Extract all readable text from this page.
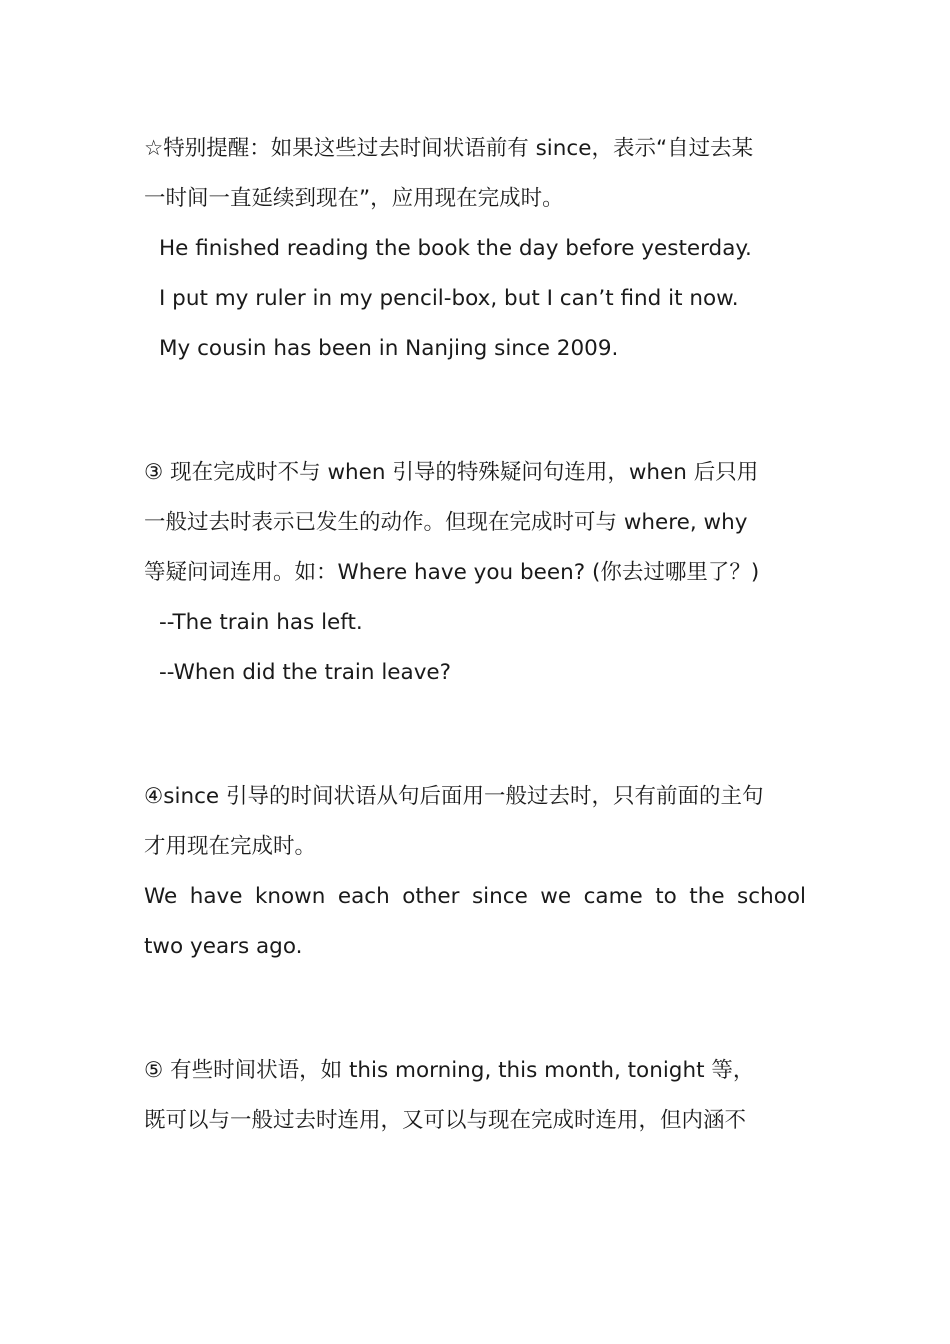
☆特别提醒：如果这些过去时间状语前有 since，表示“自过去某
一时间一直延续到现在”，应用现在完成时。
He finished reading the book the day before yesterday.
I put my ruler in my pencil-box, but I can’t find it now.
My cousin has been in Nanjing since 2009.
③ 现在完成时不与 when 引导的特殊疑问句连用，when 后只用
一般过去时表示已发生的动作。但现在完成时可与 where, why
等疑问词连用。如：Where have you been? (你去过哪里了？)
--The train has left.
--When did the train leave?
④since 引导的时间状语从句后面用一般过去时，只有前面的主句
才用现在完成时。
We have known each other since we came to the school
two years ago.
⑤ 有些时间状语，如 this morning, this month, tonight 等，
既可以与一般过去时连用，又可以与现在完成时连用，但内涵不
